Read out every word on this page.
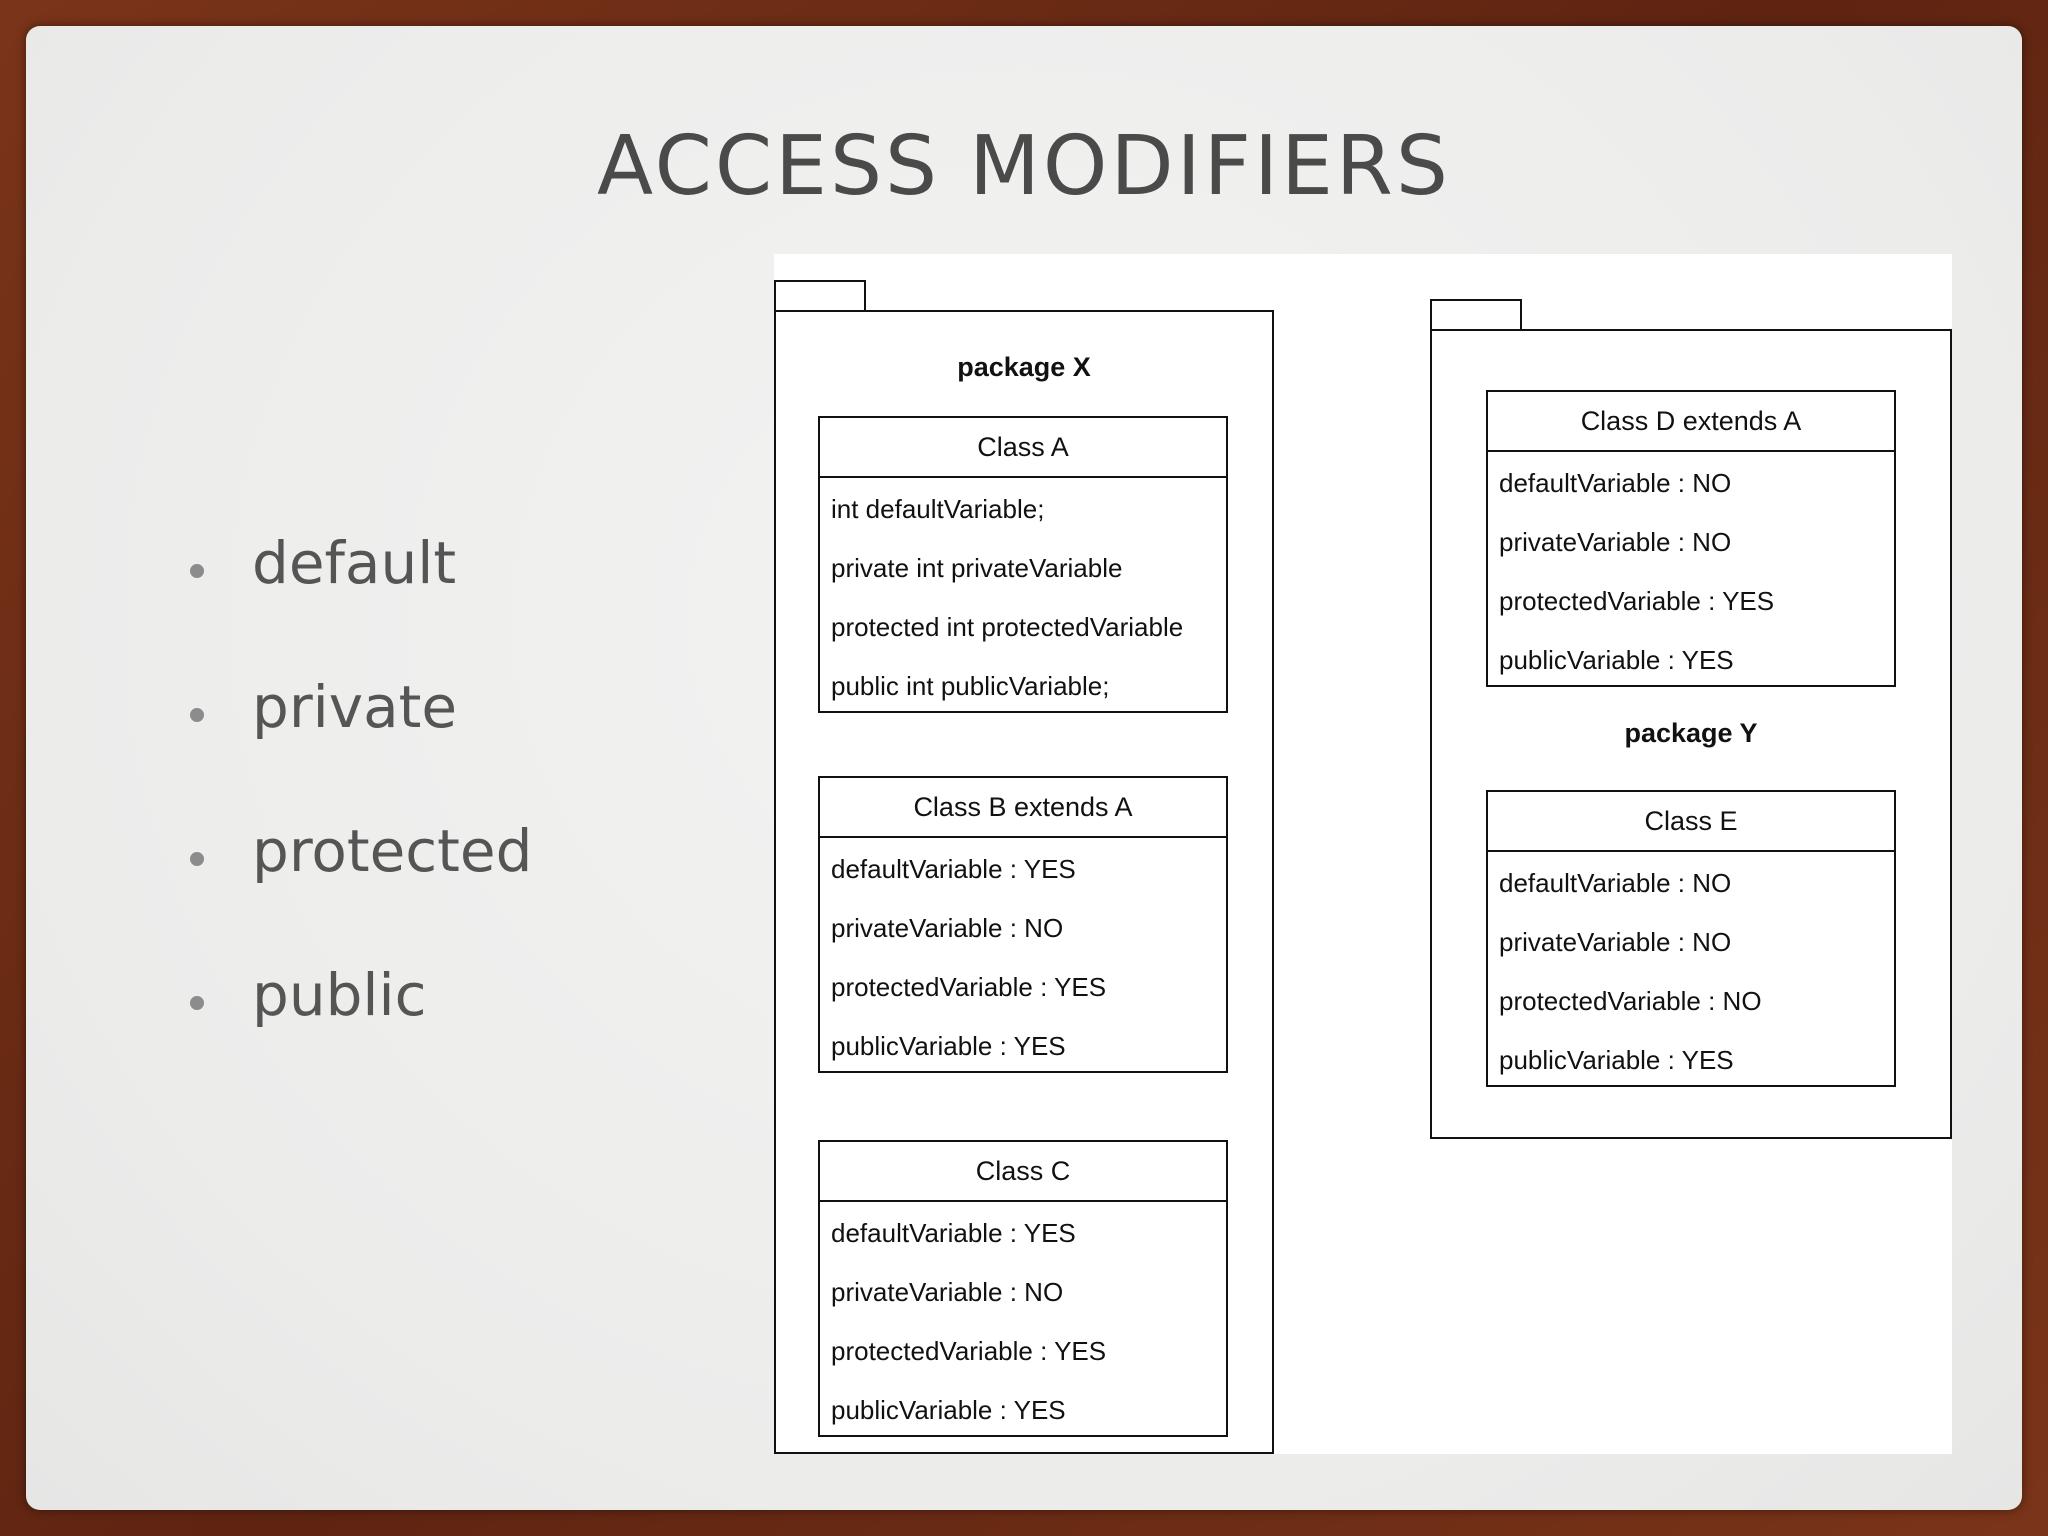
ACCESS MODIFIERS
default
private
protected
public
package X
Class A
int defaultVariable;
private int privateVariable
protected int protectedVariable
public int publicVariable;
Class B extends A
defaultVariable : YES
privateVariable : NO
protectedVariable : YES
publicVariable : YES
Class C
defaultVariable : YES
privateVariable : NO
protectedVariable : YES
publicVariable : YES
Class D extends A
defaultVariable : NO
privateVariable : NO
protectedVariable : YES
publicVariable : YES
package Y
Class E
defaultVariable : NO
privateVariable : NO
protectedVariable : NO
publicVariable : YES
